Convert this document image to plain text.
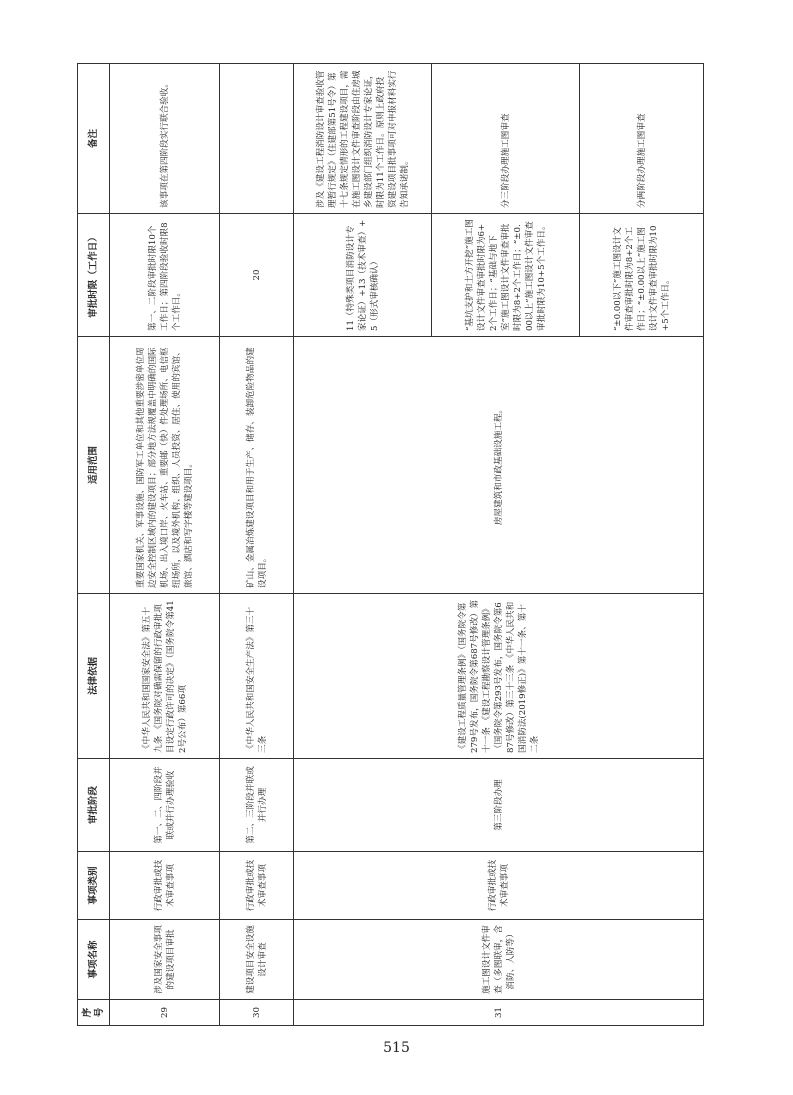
序号	事项名称	事项类别	审批阶段	法律依据	适用范围	审批时限（工作日）	备注
29	涉及国家安全事项的建设项目审批	行政审批或技术审查事项	第一、二、四阶段并联或并行办理验收	《中华人民共和国国家安全法》第五十九条 《国务院对确需保留的行政审批项目设定行政许可的决定》（国务院令第412号公布）第66项	重要国家机关、军事设施、国防军工单位和其他重要涉密单位周边安全控制区域内的建设项目；部分地方法规覆盖中明确的国际机场、出入境口岸、火车站、重要邮（快）件处理场所、电信枢纽场所，以及境外机构、组织、人员投资、居住、使用的宾馆、旅馆、酒店和写字楼等建设项目。	第一、二阶段审批时限10个工作日；第四阶段验收时限8个工作日。	该事项在第四阶段实行联合验收。
30	建设项目安全设施设计审查	行政审批或技术审查事项	第二、三阶段并联或并行办理	《中华人民共和国安全生产法》第三十三条	矿山、金属冶炼建设项目和用于生产、储存、装卸危险物品的建设项目。	20	
31	施工图设计文件审查（多图联审，含消防、人防等）	行政审批或技术审查事项	第三阶段办理	《建设工程质量管理条例》（国务院令第279号发布，国务院令第687号修改）第十一条 《建设工程勘察设计管理条例》（国务院令第293号发布，国务院令第687号修改）第三十三条 《中华人民共和国消防法(2019修正)》第十一条、第十二条	房屋建筑和市政基础设施工程。	11（特殊类项目消防设计专家论证）+13（技术审查）+5（形式审核确认）	涉及《建设工程消防设计审查验收管理暂行规定》（住建部第51号令）第十七条规定情形的工程建设项目，需在施工图设计文件审查阶段由住房城乡建设部门组织消防设计专家论证，时限为11个工作日。原则上政府投资建设项目批事项可对申报材料实行告知承诺制。
						“基坑支护和土方开挖”施工图设计文件审查审批时限为6+2个工作日；“基础与地下室”施工图设计文件审查审批时限为8+2个工作日；“±0.00以上”施工图设计文件审查审批时限为10+5个工作日。	分三阶段办理施工图审查
						“±0.00以下”施工图设计文件审查审批时限为8+2个工作日；“±0.00以上”施工图设计文件审查审批时限为10+5个工作日。	分两阶段办理施工图审查
515
